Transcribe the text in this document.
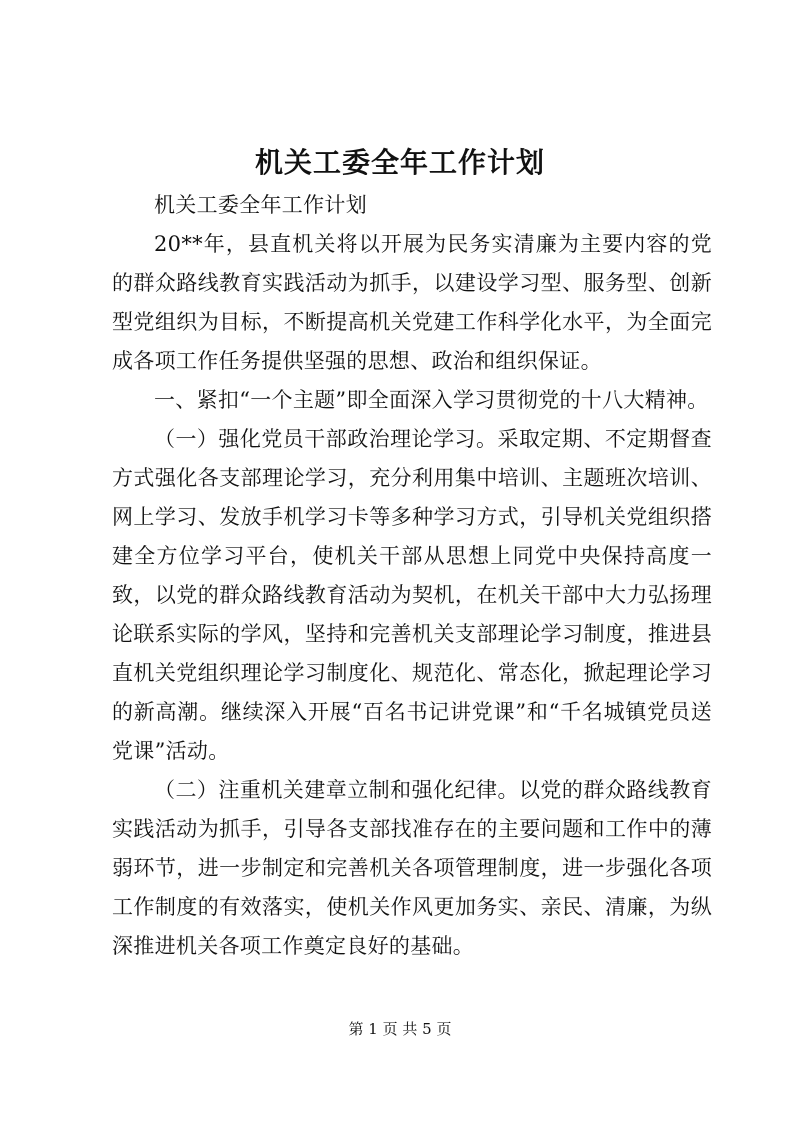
机关工委全年工作计划

机关工委全年工作计划

20**年，县直机关将以开展为民务实清廉为主要内容的党的群众路线教育实践活动为抓手，以建设学习型、服务型、创新型党组织为目标，不断提高机关党建工作科学化水平，为全面完成各项工作任务提供坚强的思想、政治和组织保证。

一、紧扣“一个主题”即全面深入学习贯彻党的十八大精神。

（一）强化党员干部政治理论学习。采取定期、不定期督查方式强化各支部理论学习，充分利用集中培训、主题班次培训、网上学习、发放手机学习卡等多种学习方式，引导机关党组织搭建全方位学习平台，使机关干部从思想上同党中央保持高度一致，以党的群众路线教育活动为契机，在机关干部中大力弘扬理论联系实际的学风，坚持和完善机关支部理论学习制度，推进县直机关党组织理论学习制度化、规范化、常态化，掀起理论学习的新高潮。继续深入开展“百名书记讲党课”和“千名城镇党员送党课”活动。

（二）注重机关建章立制和强化纪律。以党的群众路线教育实践活动为抓手，引导各支部找准存在的主要问题和工作中的薄弱环节，进一步制定和完善机关各项管理制度，进一步强化各项工作制度的有效落实，使机关作风更加务实、亲民、清廉，为纵深推进机关各项工作奠定良好的基础。

第 1 页 共 5 页
